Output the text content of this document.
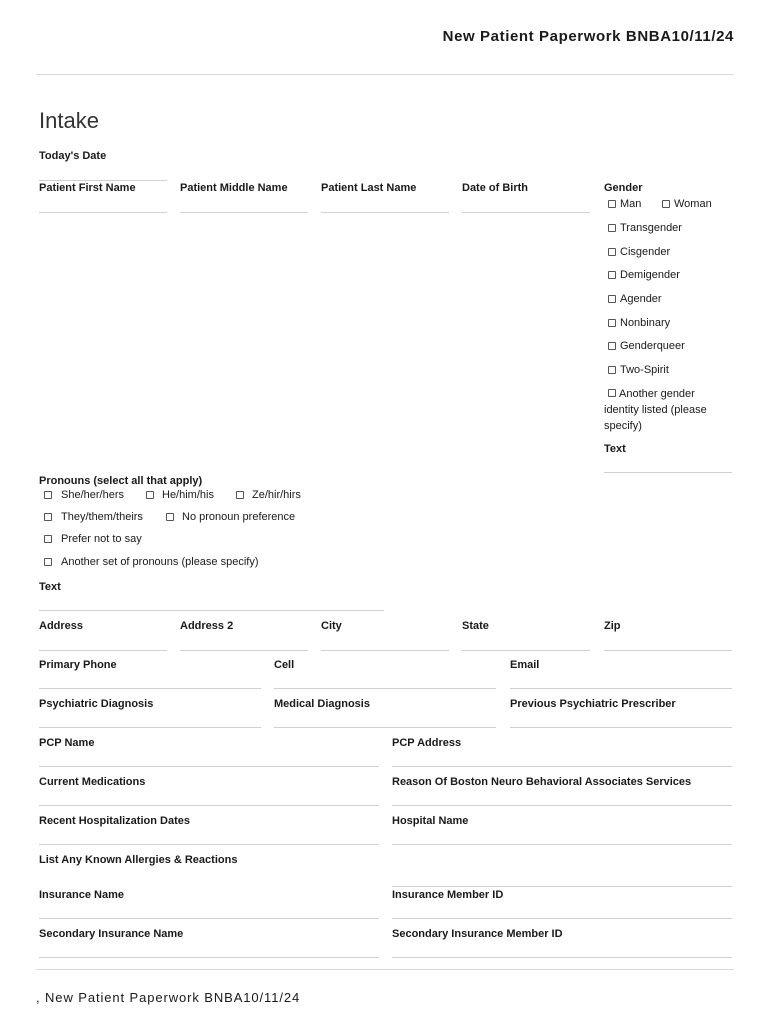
New Patient Paperwork BNBA10/11/24
Intake
Today's Date
Patient First Name	Patient Middle Name	Patient Last Name	Date of Birth	Gender
Man	Woman
Transgender
Cisgender
Demigender
Agender
Nonbinary
Genderqueer
Two-Spirit
Another gender identity listed (please specify)
Text
Pronouns (select all that apply)
She/her/hers	He/him/his	Ze/hir/hirs
They/them/theirs	No pronoun preference
Prefer not to say
Another set of pronouns (please specify)
Text
Address	Address 2	City	State	Zip
Primary Phone	Cell	Email
Psychiatric Diagnosis	Medical Diagnosis	Previous Psychiatric Prescriber
PCP Name	PCP Address
Current Medications	Reason Of Boston Neuro Behavioral Associates Services
Recent Hospitalization Dates	Hospital Name
List Any Known Allergies & Reactions
Insurance Name	Insurance Member ID
Secondary Insurance Name	Secondary Insurance Member ID
, New Patient Paperwork BNBA10/11/24
